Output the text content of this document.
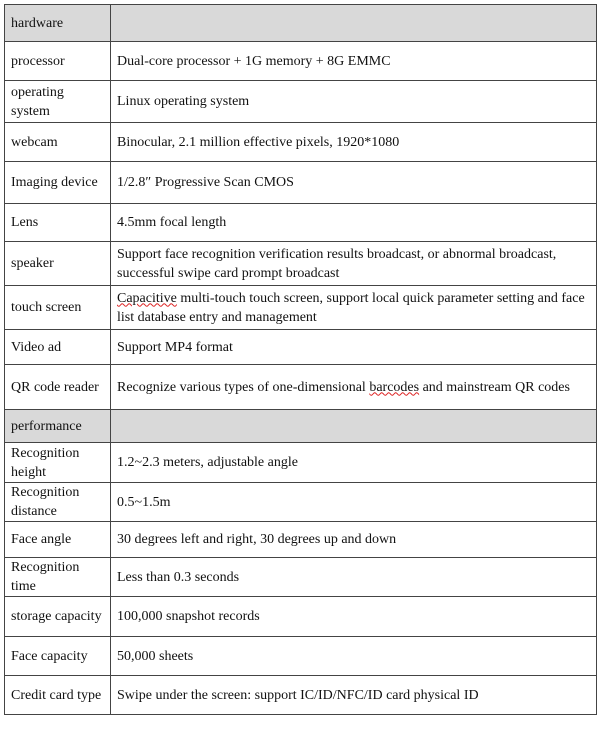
hardware	
processor	Dual-core processor + 1G memory + 8G EMMC
operating system	Linux operating system
webcam	Binocular, 2.1 million effective pixels, 1920*1080
Imaging device	1/2.8″ Progressive Scan CMOS
Lens	4.5mm focal length
speaker	Support face recognition verification results broadcast, or abnormal broadcast, successful swipe card prompt broadcast
touch screen	Capacitive multi-touch touch screen, support local quick parameter setting and face list database entry and management
Video ad	Support MP4 format
QR code reader	Recognize various types of one-dimensional barcodes and mainstream QR codes
performance	
Recognition height	1.2~2.3 meters, adjustable angle
Recognition distance	0.5~1.5m
Face angle	30 degrees left and right, 30 degrees up and down
Recognition time	Less than 0.3 seconds
storage capacity	100,000 snapshot records
Face capacity	50,000 sheets
Credit card type	Swipe under the screen: support IC/ID/NFC/ID card physical ID
